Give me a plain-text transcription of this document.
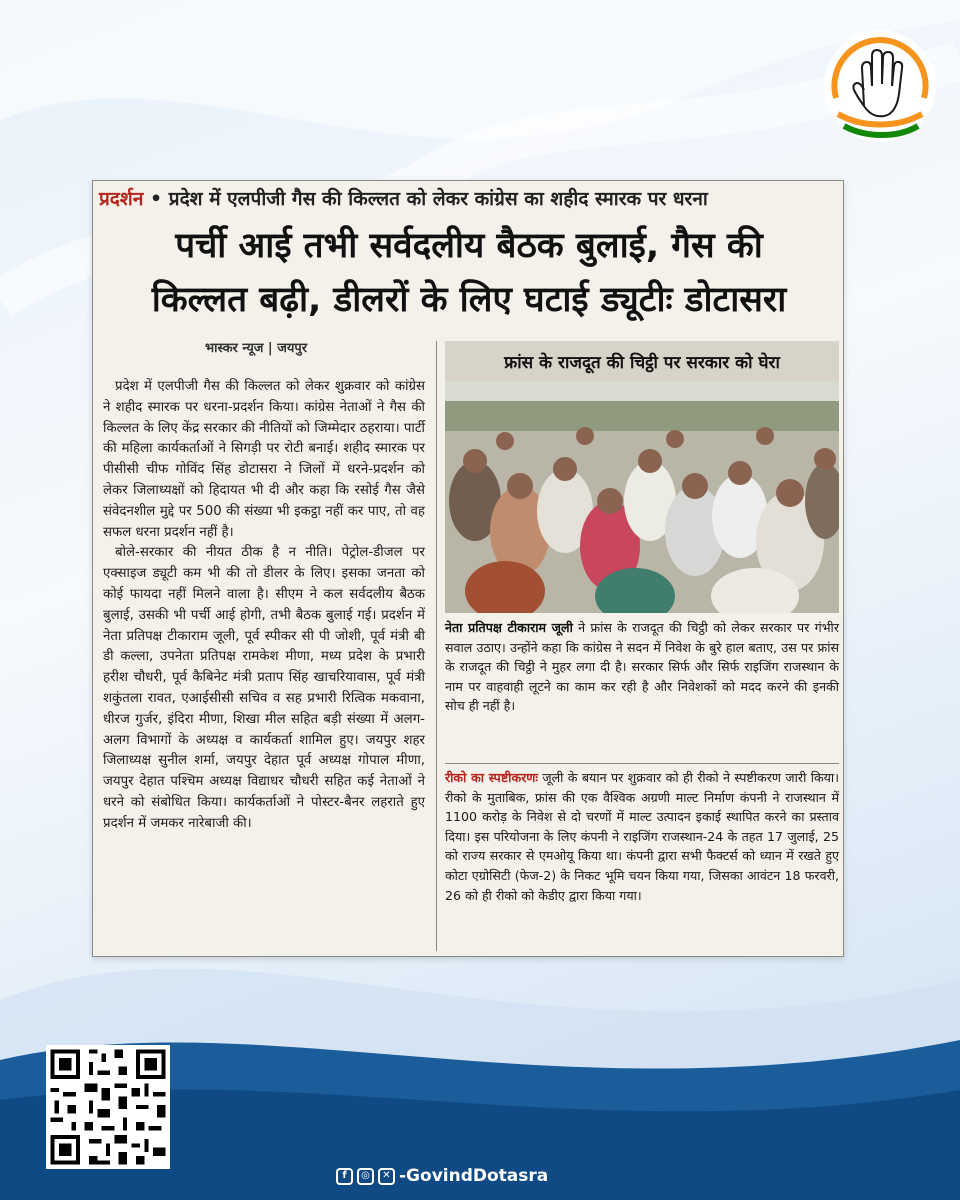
प्रदर्शन • प्रदेश में एलपीजी गैस की किल्लत को लेकर कांग्रेस का शहीद स्मारक पर धरना
पर्ची आई तभी सर्वदलीय बैठक बुलाई, गैस की
किल्लत बढ़ी, डीलरों के लिए घटाई ड्यूटीः डोटासरा
भास्कर न्यूज | जयपुर

प्रदेश में एलपीजी गैस की किल्लत को लेकर शुक्रवार को कांग्रेस ने शहीद स्मारक पर धरना-प्रदर्शन किया। कांग्रेस नेताओं ने गैस की किल्लत के लिए केंद्र सरकार की नीतियों को जिम्मेदार ठहराया। पार्टी की महिला कार्यकर्ताओं ने सिगड़ी पर रोटी बनाई। शहीद स्मारक पर पीसीसी चीफ गोविंद सिंह डोटासरा ने जिलों में धरने-प्रदर्शन को लेकर जिलाध्यक्षों को हिदायत भी दी और कहा कि रसोई गैस जैसे संवेदनशील मुद्दे पर 500 की संख्या भी इकट्ठा नहीं कर पाए, तो वह सफल धरना प्रदर्शन नहीं है।

बोले-सरकार की नीयत ठीक है न नीति। पेट्रोल-डीजल पर एक्साइज ड्यूटी कम भी की तो डीलर के लिए। इसका जनता को कोई फायदा नहीं मिलने वाला है। सीएम ने कल सर्वदलीय बैठक बुलाई, उसकी भी पर्ची आई होगी, तभी बैठक बुलाई गई। प्रदर्शन में नेता प्रतिपक्ष टीकाराम जूली, पूर्व स्पीकर सी पी जोशी, पूर्व मंत्री बी डी कल्ला, उपनेता प्रतिपक्ष रामकेश मीणा, मध्य प्रदेश के प्रभारी हरीश चौधरी, पूर्व कैबिनेट मंत्री प्रताप सिंह खाचरियावास, पूर्व मंत्री शकुंतला रावत, एआईसीसी सचिव व सह प्रभारी रित्विक मकवाना, धीरज गुर्जर, इंदिरा मीणा, शिखा मील सहित बड़ी संख्या में अलग-अलग विभागों के अध्यक्ष व कार्यकर्ता शामिल हुए। जयपुर शहर जिलाध्यक्ष सुनील शर्मा, जयपुर देहात पूर्व अध्यक्ष गोपाल मीणा, जयपुर देहात पश्चिम अध्यक्ष विद्याधर चौधरी सहित कई नेताओं ने धरने को संबोधित किया। कार्यकर्ताओं ने पोस्टर-बैनर लहराते हुए प्रदर्शन में जमकर नारेबाजी की।

फ्रांस के राजदूत की चिट्ठी पर सरकार को घेरा
नेता प्रतिपक्ष टीकाराम जूली ने फ्रांस के राजदूत की चिट्ठी को लेकर सरकार पर गंभीर सवाल उठाए। उन्होंने कहा कि कांग्रेस ने सदन में निवेश के बुरे हाल बताए, उस पर फ्रांस के राजदूत की चिट्ठी ने मुहर लगा दी है। सरकार सिर्फ और सिर्फ राइजिंग राजस्थान के नाम पर वाहवाही लूटने का काम कर रही है और निवेशकों को मदद करने की इनकी सोच ही नहीं है।
रीको का स्पष्टीकरणः जूली के बयान पर शुक्रवार को ही रीको ने स्पष्टीकरण जारी किया। रीको के मुताबिक, फ्रांस की एक वैश्विक अग्रणी माल्ट निर्माण कंपनी ने राजस्थान में 1100 करोड़ के निवेश से दो चरणों में माल्ट उत्पादन इकाई स्थापित करने का प्रस्ताव दिया। इस परियोजना के लिए कंपनी ने राइजिंग राजस्थान-24 के तहत 17 जुलाई, 25 को राज्य सरकार से एमओयू किया था। कंपनी द्वारा सभी फैक्टर्स को ध्यान में रखते हुए कोटा एग्रोसिटी (फेज-2) के निकट भूमि चयन किया गया, जिसका आवंटन 18 फरवरी, 26 को ही रीको को केडीए द्वारा किया गया।
f	◎	✕ -GovindDotasra
